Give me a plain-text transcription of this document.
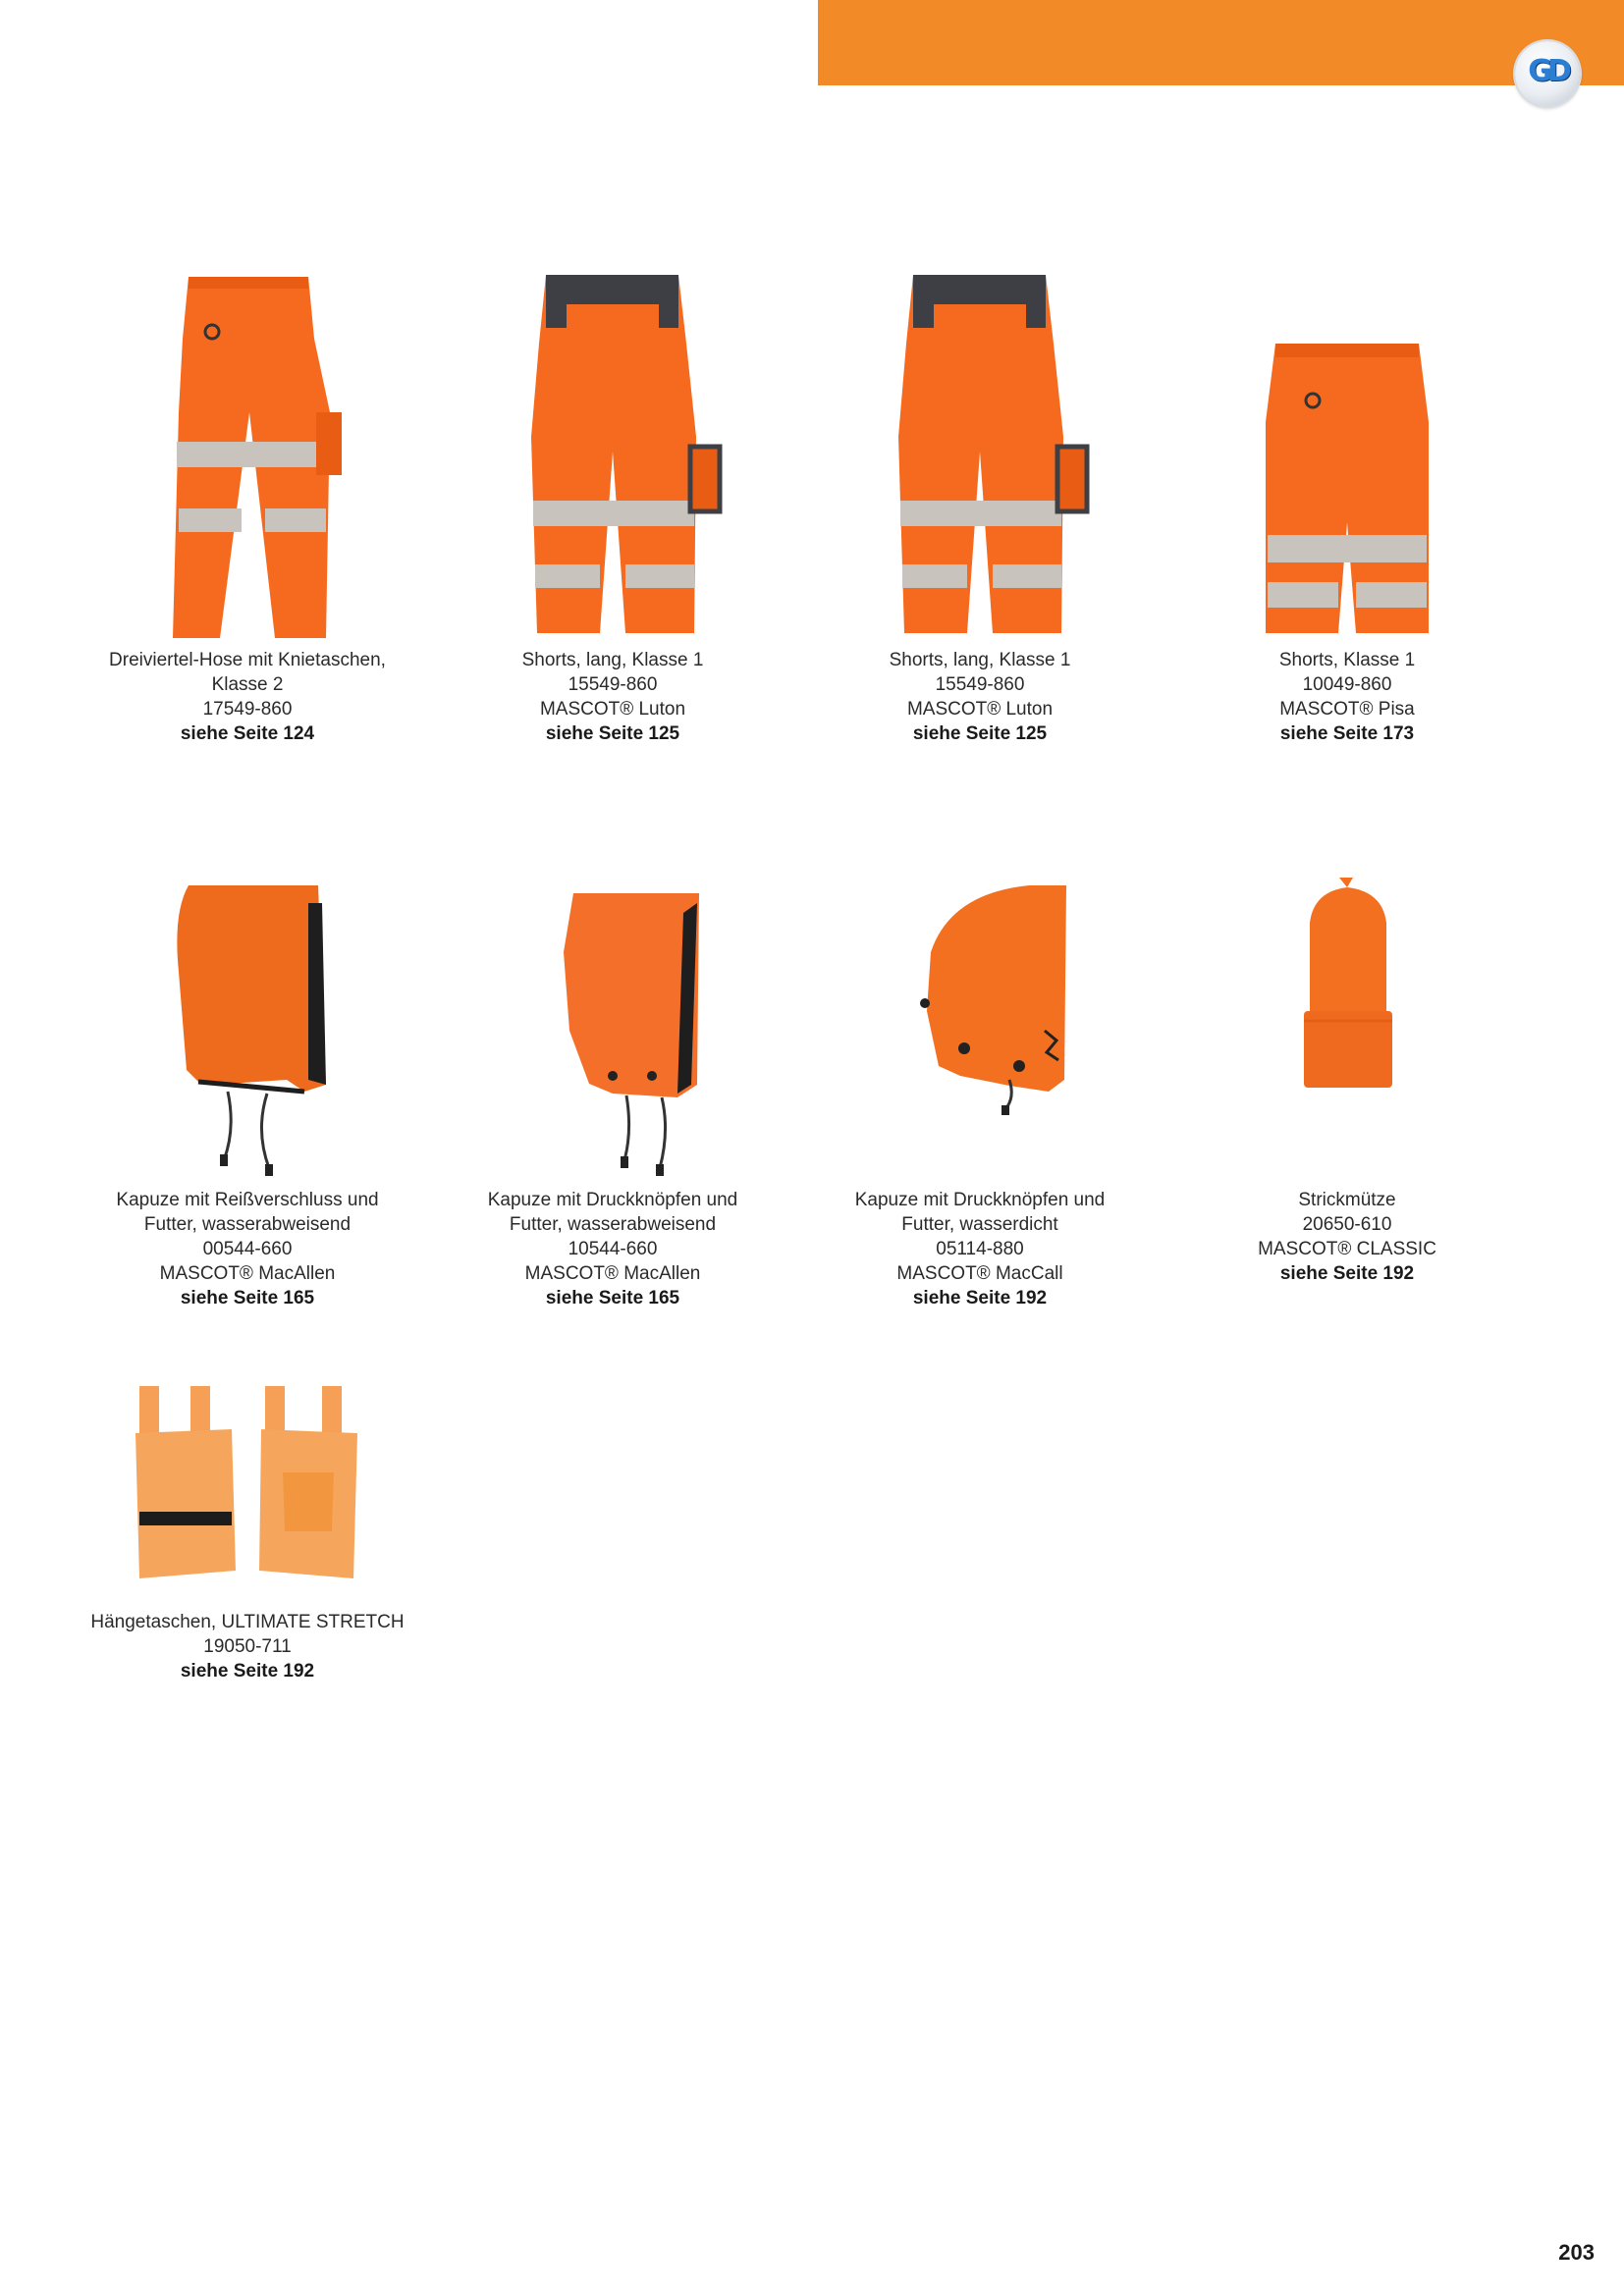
GD
Dreiviertel-Hose mit Knietaschen,
Klasse 2
17549-860
siehe Seite 124
Shorts, lang, Klasse 1
15549-860
MASCOT® Luton
siehe Seite 125
Shorts, lang, Klasse 1
15549-860
MASCOT® Luton
siehe Seite 125
Shorts, Klasse 1
10049-860
MASCOT® Pisa
siehe Seite 173
Kapuze mit Reißverschluss und
Futter, wasserabweisend
00544-660
MASCOT® MacAllen
siehe Seite 165
Kapuze mit Druckknöpfen und
Futter, wasserabweisend
10544-660
MASCOT® MacAllen
siehe Seite 165
Kapuze mit Druckknöpfen und
Futter, wasserdicht
05114-880
MASCOT® MacCall
siehe Seite 192
Strickmütze
20650-610
MASCOT® CLASSIC
siehe Seite 192
Hängetaschen, ULTIMATE STRETCH
19050-711
siehe Seite 192
203
